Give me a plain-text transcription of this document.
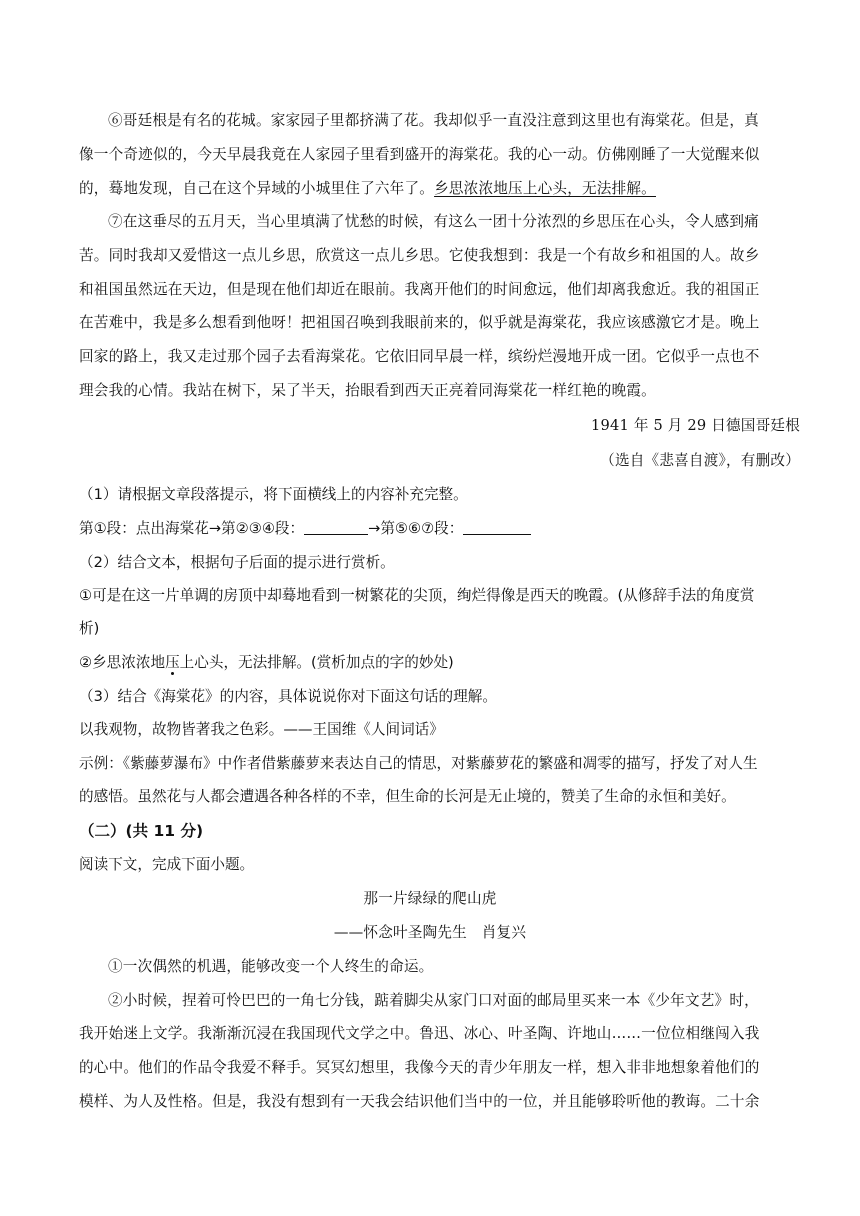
⑥哥廷根是有名的花城。家家园子里都挤满了花。我却似乎一直没注意到这里也有海棠花。但是，真
像一个奇迹似的，今天早晨我竟在人家园子里看到盛开的海棠花。我的心一动。仿佛刚睡了一大觉醒来似
的，蓦地发现，自己在这个异域的小城里住了六年了。乡思浓浓地压上心头，无法排解。
⑦在这垂尽的五月天，当心里填满了忧愁的时候，有这么一团十分浓烈的乡思压在心头，令人感到痛
苦。同时我却又爱惜这一点儿乡思，欣赏这一点儿乡思。它使我想到：我是一个有故乡和祖国的人。故乡
和祖国虽然远在天边，但是现在他们却近在眼前。我离开他们的时间愈远，他们却离我愈近。我的祖国正
在苦难中，我是多么想看到他呀！把祖国召唤到我眼前来的，似乎就是海棠花，我应该感激它才是。晚上
回家的路上，我又走过那个园子去看海棠花。它依旧同早晨一样，缤纷烂漫地开成一团。它似乎一点也不
理会我的心情。我站在树下，呆了半天，抬眼看到西天正亮着同海棠花一样红艳的晚霞。
1941 年 5 月 29 日德国哥廷根
（选自《悲喜自渡》，有删改）
（1）请根据文章段落提示，将下面横线上的内容补充完整。
第①段：点出海棠花→第②③④段：	→第⑤⑥⑦段：
（2）结合文本，根据句子后面的提示进行赏析。
①可是在这一片单调的房顶中却蓦地看到一树繁花的尖顶，绚烂得像是西天的晚霞。(从修辞手法的角度赏
析)
②乡思浓浓地压上心头，无法排解。(赏析加点的字的妙处)
（3）结合《海棠花》的内容，具体说说你对下面这句话的理解。
以我观物，故物皆著我之色彩。——王国维《人间词话》
示例：《紫藤萝瀑布》中作者借紫藤萝来表达自己的情思，对紫藤萝花的繁盛和凋零的描写，抒发了对人生
的感悟。虽然花与人都会遭遇各种各样的不幸，但生命的长河是无止境的，赞美了生命的永恒和美好。
（二）(共 11 分)
阅读下文，完成下面小题。
那一片绿绿的爬山虎
——怀念叶圣陶先生　肖复兴
①一次偶然的机遇，能够改变一个人终生的命运。
②小时候，捏着可怜巴巴的一角七分钱，踮着脚尖从家门口对面的邮局里买来一本《少年文艺》时，
我开始迷上文学。我渐渐沉浸在我国现代文学之中。鲁迅、冰心、叶圣陶、许地山……一位位相继闯入我
的心中。他们的作品令我爱不释手。冥冥幻想里，我像今天的青少年朋友一样，想入非非地想象着他们的
模样、为人及性格。但是，我没有想到有一天我会结识他们当中的一位，并且能够聆听他的教诲。二十余
